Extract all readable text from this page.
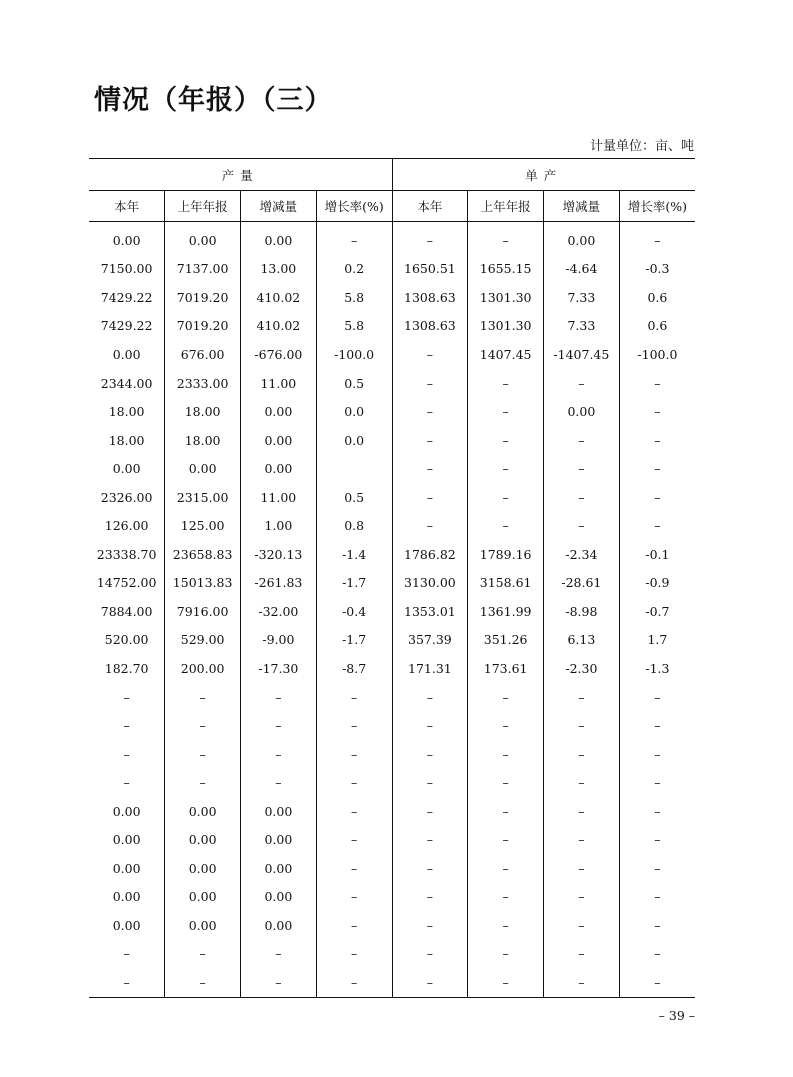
情况（年报）（三）
计量单位：亩、吨
产量				单产			
本年	上年年报	增减量	增长率(%)	本年	上年年报	增减量	增长率(%)
0.00	0.00	0.00	–	–	–	0.00	–
7150.00	7137.00	13.00	0.2	1650.51	1655.15	-4.64	-0.3
7429.22	7019.20	410.02	5.8	1308.63	1301.30	7.33	0.6
7429.22	7019.20	410.02	5.8	1308.63	1301.30	7.33	0.6
0.00	676.00	-676.00	-100.0	–	1407.45	-1407.45	-100.0
2344.00	2333.00	11.00	0.5	–	–	–	–
18.00	18.00	0.00	0.0	–	–	0.00	–
18.00	18.00	0.00	0.0	–	–	–	–
0.00	0.00	0.00		–	–	–	–
2326.00	2315.00	11.00	0.5	–	–	–	–
126.00	125.00	1.00	0.8	–	–	–	–
23338.70	23658.83	-320.13	-1.4	1786.82	1789.16	-2.34	-0.1
14752.00	15013.83	-261.83	-1.7	3130.00	3158.61	-28.61	-0.9
7884.00	7916.00	-32.00	-0.4	1353.01	1361.99	-8.98	-0.7
520.00	529.00	-9.00	-1.7	357.39	351.26	6.13	1.7
182.70	200.00	-17.30	-8.7	171.31	173.61	-2.30	-1.3
–	–	–	–	–	–	–	–
–	–	–	–	–	–	–	–
–	–	–	–	–	–	–	–
–	–	–	–	–	–	–	–
0.00	0.00	0.00	–	–	–	–	–
0.00	0.00	0.00	–	–	–	–	–
0.00	0.00	0.00	–	–	–	–	–
0.00	0.00	0.00	–	–	–	–	–
0.00	0.00	0.00	–	–	–	–	–
–	–	–	–	–	–	–	–
–	–	–	–	–	–	–	–
– 39 –
